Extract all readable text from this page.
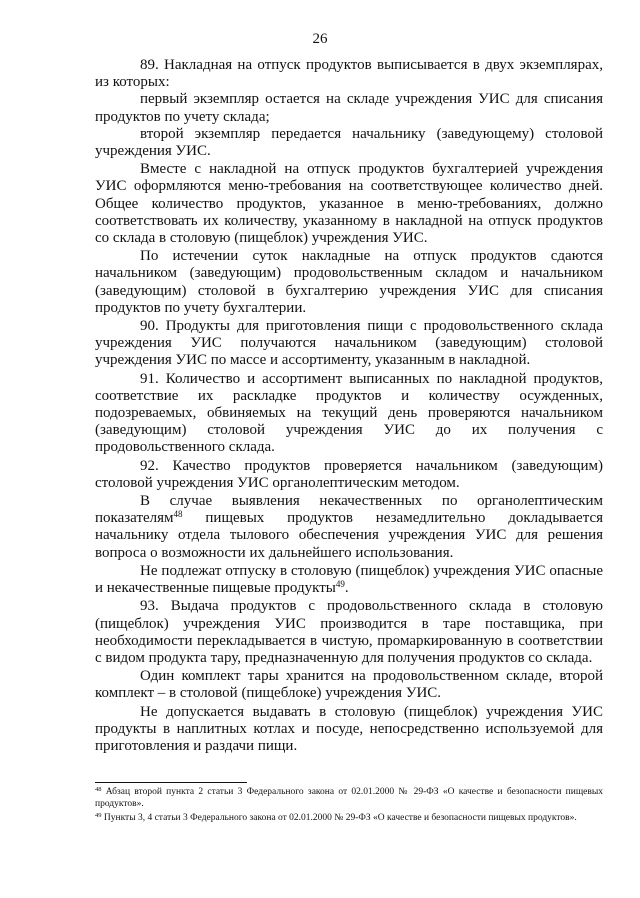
26

89. Накладная на отпуск продуктов выписывается в двух экземплярах, из которых:

первый экземпляр остается на складе учреждения УИС для списания продуктов по учету склада;

второй экземпляр передается начальнику (заведующему) столовой учреждения УИС.

Вместе с накладной на отпуск продуктов бухгалтерией учреждения УИС оформляются меню-требования на соответствующее количество дней. Общее количество продуктов, указанное в меню-требованиях, должно соответствовать их количеству, указанному в накладной на отпуск продуктов со склада в столовую (пищеблок) учреждения УИС.

По истечении суток накладные на отпуск продуктов сдаются начальником (заведующим) продовольственным складом и начальником (заведующим) столовой в бухгалтерию учреждения УИС для списания продуктов по учету бухгалтерии.

90. Продукты для приготовления пищи с продовольственного склада учреждения УИС получаются начальником (заведующим) столовой учреждения УИС по массе и ассортименту, указанным в накладной.

91. Количество и ассортимент выписанных по накладной продуктов, соответствие их раскладке продуктов и количеству осужденных, подозреваемых, обвиняемых на текущий день проверяются начальником (заведующим) столовой учреждения УИС до их получения с продовольственного склада.

92. Качество продуктов проверяется начальником (заведующим) столовой учреждения УИС органолептическим методом.

В случае выявления некачественных по органолептическим показателям$^{48}$ пищевых продуктов незамедлительно докладывается начальнику отдела тылового обеспечения учреждения УИС для решения вопроса о возможности их дальнейшего использования.

Не подлежат отпуску в столовую (пищеблок) учреждения УИС опасные и некачественные пищевые продукты$^{49}$.

93. Выдача продуктов с продовольственного склада в столовую (пищеблок) учреждения УИС производится в таре поставщика, при необходимости перекладывается в чистую, промаркированную в соответствии с видом продукта тару, предназначенную для получения продуктов со склада.

Один комплект тары хранится на продовольственном складе, второй комплект – в столовой (пищеблоке) учреждения УИС.

Не допускается выдавать в столовую (пищеблок) учреждения УИС продукты в наплитных котлах и посуде, непосредственно используемой для приготовления и раздачи пищи.

$^{48}$ Абзац второй пункта 2 статьи 3 Федерального закона от 02.01.2000 № 29-ФЗ «О качестве и безопасности пищевых продуктов».

$^{49}$ Пункты 3, 4 статьи 3 Федерального закона от 02.01.2000 № 29-ФЗ «О качестве и безопасности пищевых продуктов».
